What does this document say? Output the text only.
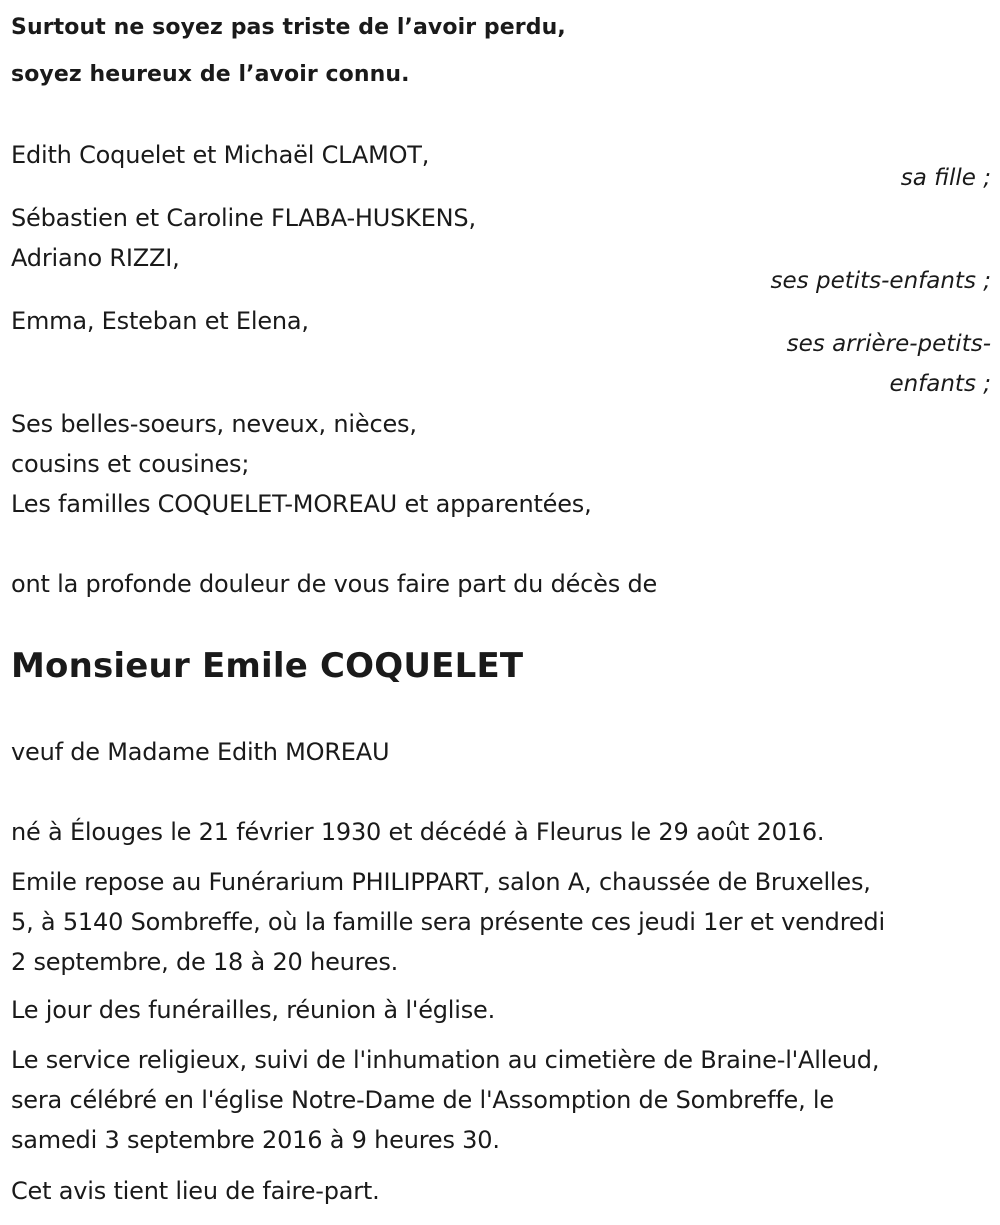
Surtout ne soyez pas triste de l’avoir perdu,
soyez heureux de l’avoir connu.
Edith Coquelet et Michaël CLAMOT,
sa fille ;
Sébastien et Caroline FLABA-HUSKENS,
Adriano RIZZI,
ses petits-enfants ;
Emma, Esteban et Elena,
ses arrière-petits-
enfants ;
Ses belles-soeurs, neveux, nièces,
cousins et cousines;
Les familles COQUELET-MOREAU et apparentées,
ont la profonde douleur de vous faire part du décès de
Monsieur Emile COQUELET
veuf de Madame Edith MOREAU
né à Élouges le 21 février 1930 et décédé à Fleurus le 29 août 2016.
Emile repose au Funérarium PHILIPPART, salon A, chaussée de Bruxelles,
5, à 5140 Sombreffe, où la famille sera présente ces jeudi 1er et vendredi
2 septembre, de 18 à 20 heures.
Le jour des funérailles, réunion à l'église.
Le service religieux, suivi de l'inhumation au cimetière de Braine-l'Alleud,
sera célébré en l'église Notre-Dame de l'Assomption de Sombreffe, le
samedi 3 septembre 2016 à 9 heures 30.
Cet avis tient lieu de faire-part.
